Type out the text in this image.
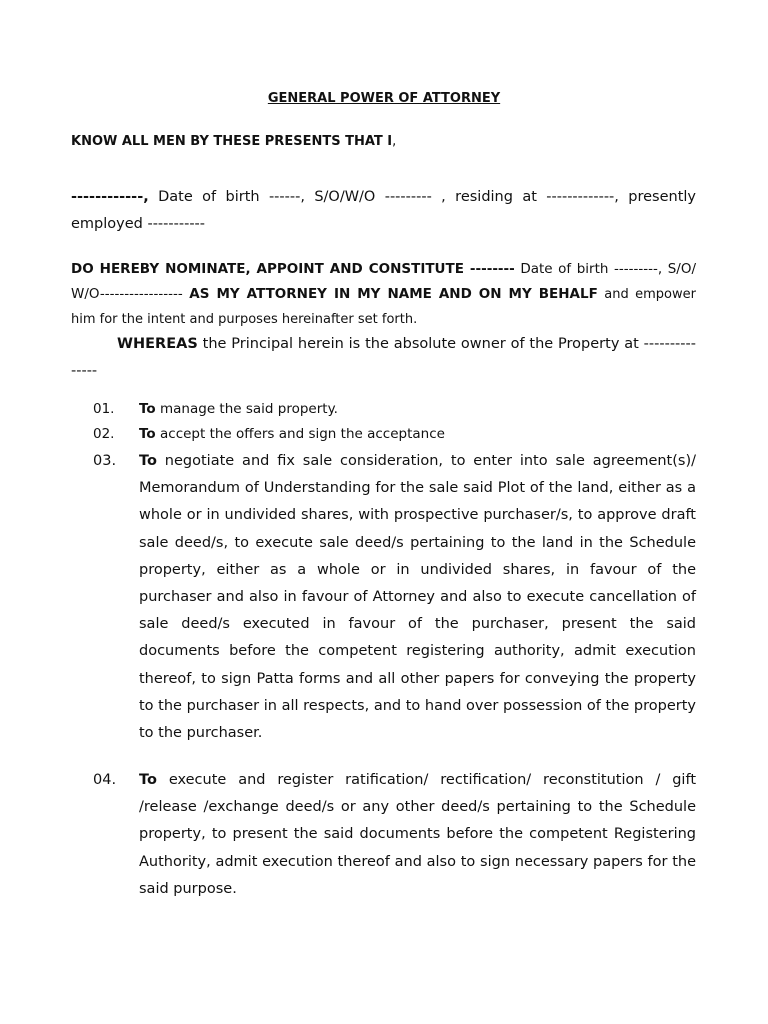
GENERAL POWER OF ATTORNEY
KNOW ALL MEN BY THESE PRESENTS THAT I,
------------, Date of birth ------, S/O/W/O --------- , residing at -------------, presently employed -----------
DO HEREBY NOMINATE, APPOINT AND CONSTITUTE -------- Date of birth ---------, S/O/ W/O----------------- AS MY ATTORNEY IN MY NAME AND ON MY BEHALF and empower him for the intent and purposes hereinafter set forth.
WHEREAS the Principal herein is the absolute owner of the Property at ---------------
01. To manage the said property.
02. To accept the offers and sign the acceptance
03. To negotiate and fix sale consideration, to enter into sale agreement(s)/ Memorandum of Understanding for the sale said Plot of the land, either as a whole or in undivided shares, with prospective purchaser/s, to approve draft sale deed/s, to execute sale deed/s pertaining to the land in the Schedule property, either as a whole or in undivided shares, in favour of the purchaser and also in favour of Attorney and also to execute cancellation of sale deed/s executed in favour of the purchaser, present the said documents before the competent registering authority, admit execution thereof, to sign Patta forms and all other papers for conveying the property to the purchaser in all respects, and to hand over possession of the property to the purchaser.
04. To execute and register ratification/ rectification/ reconstitution / gift /release /exchange deed/s or any other deed/s pertaining to the Schedule property, to present the said documents before the competent Registering Authority, admit execution thereof and also to sign necessary papers for the said purpose.
